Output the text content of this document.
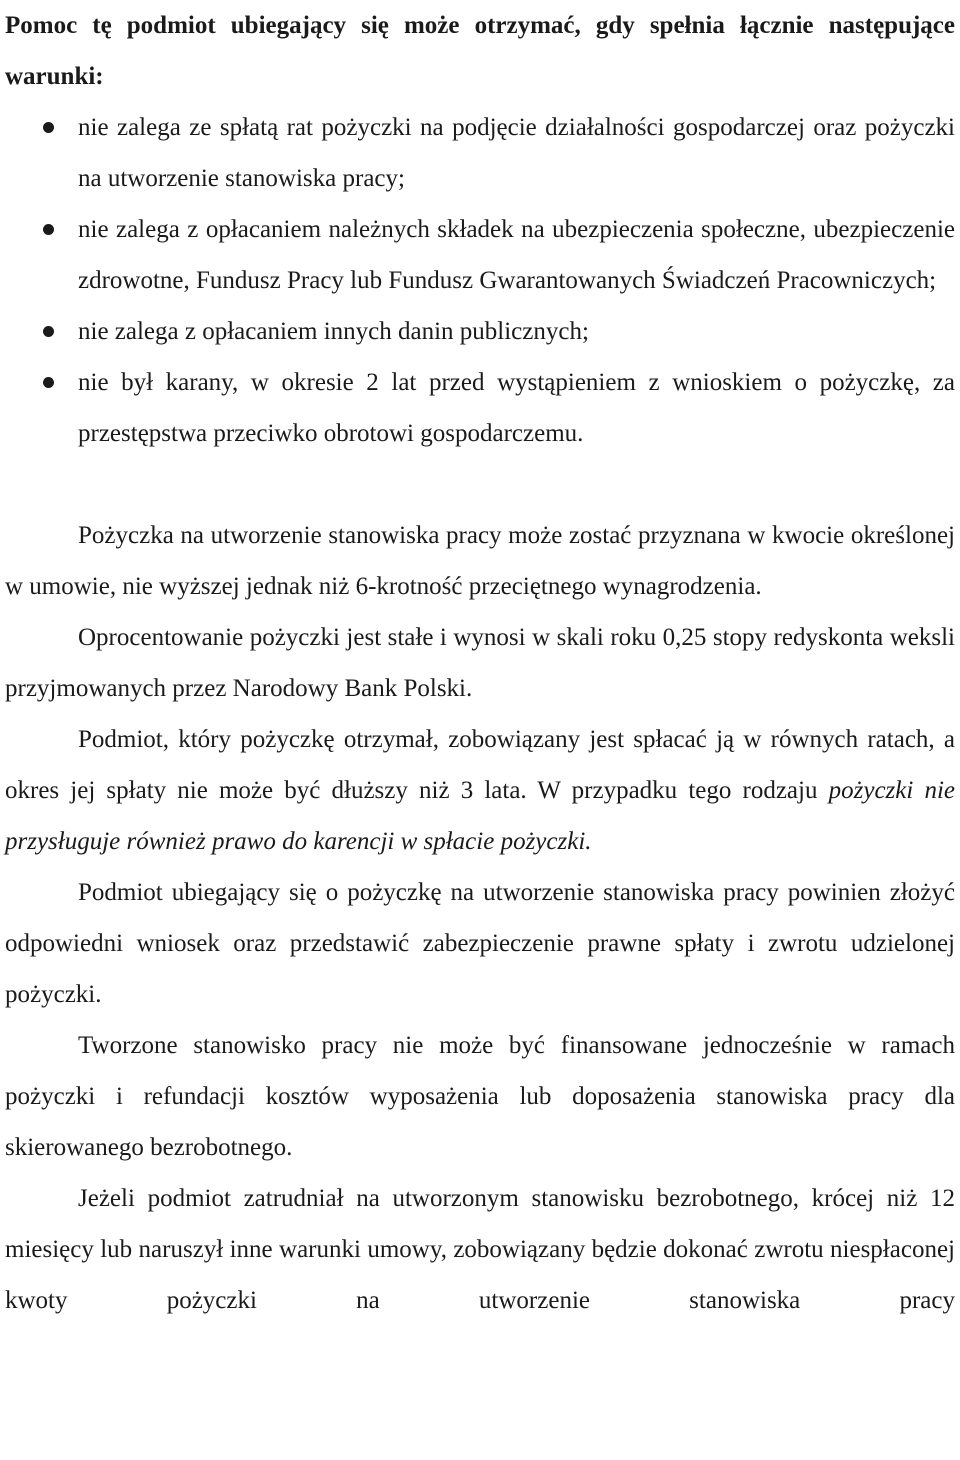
Pomoc tę podmiot ubiegający się może otrzymać, gdy spełnia łącznie następujące warunki:

nie zalega ze spłatą rat pożyczki na podjęcie działalności gospodarczej oraz pożyczki na utworzenie stanowiska pracy;
nie zalega z opłacaniem należnych składek na ubezpieczenia społeczne, ubezpieczenie zdrowotne, Fundusz Pracy lub Fundusz Gwarantowanych Świadczeń Pracowniczych;
nie zalega z opłacaniem innych danin publicznych;
nie był karany, w okresie 2 lat przed wystąpieniem z wnioskiem o pożyczkę, za przestępstwa przeciwko obrotowi gospodarczemu.

Pożyczka na utworzenie stanowiska pracy może zostać przyznana w kwocie określonej w umowie, nie wyższej jednak niż 6-krotność przeciętnego wynagrodzenia.

Oprocentowanie pożyczki jest stałe i wynosi w skali roku 0,25 stopy redyskonta weksli przyjmowanych przez Narodowy Bank Polski.

Podmiot, który pożyczkę otrzymał, zobowiązany jest spłacać ją w równych ratach, a okres jej spłaty nie może być dłuższy niż 3 lata. W przypadku tego rodzaju pożyczki nie przysługuje również prawo do karencji w spłacie pożyczki.

Podmiot ubiegający się o pożyczkę na utworzenie stanowiska pracy powinien złożyć odpowiedni wniosek oraz przedstawić zabezpieczenie prawne spłaty i zwrotu udzielonej pożyczki.

Tworzone stanowisko pracy nie może być finansowane jednocześnie w ramach pożyczki i refundacji kosztów wyposażenia lub doposażenia stanowiska pracy dla skierowanego bezrobotnego.

Jeżeli podmiot zatrudniał na utworzonym stanowisku bezrobotnego, krócej niż 12 miesięcy lub naruszył inne warunki umowy, zobowiązany będzie dokonać zwrotu niespłaconej kwoty pożyczki na utworzenie stanowiska pracy
